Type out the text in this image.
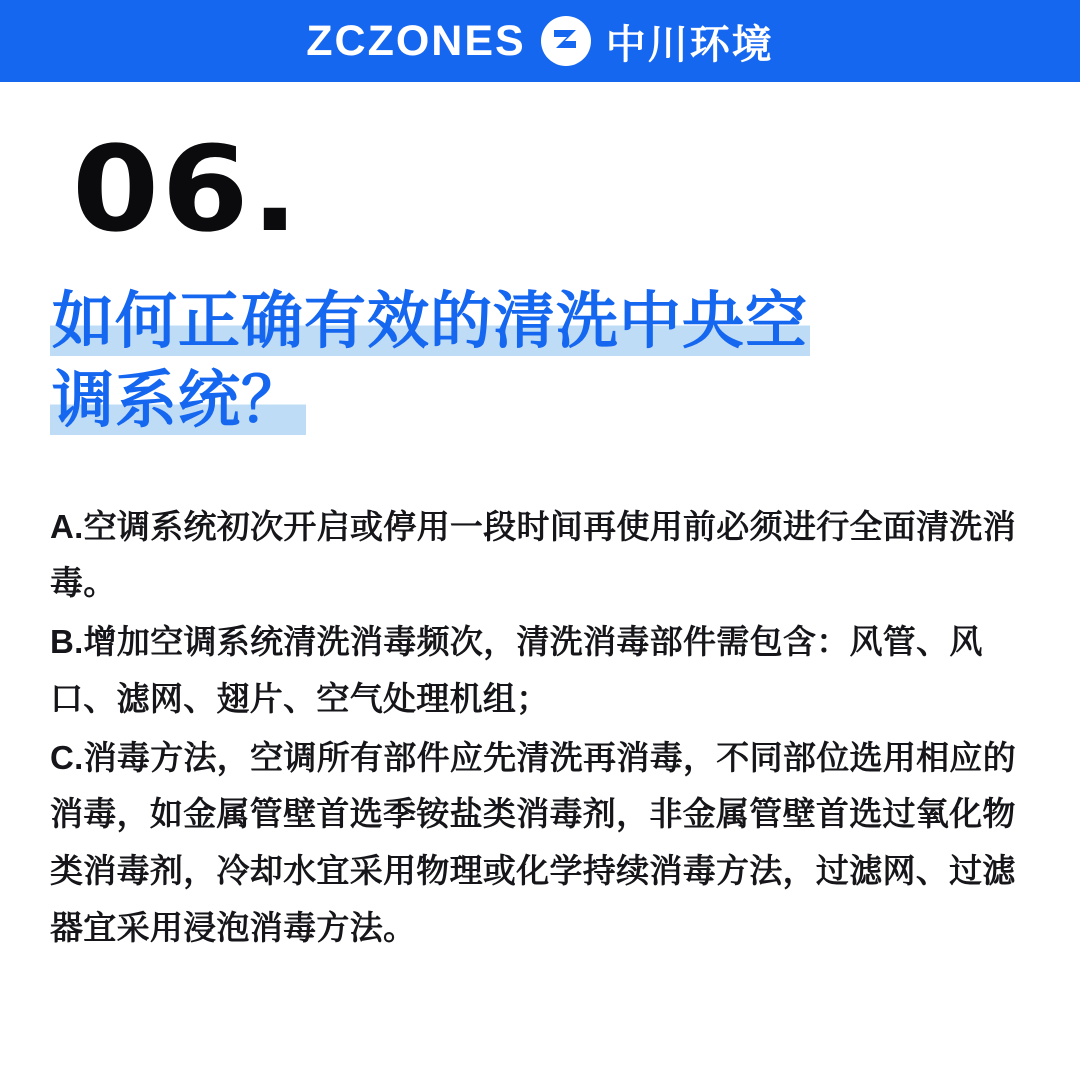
ZCZONES 中川环境
06.
如何正确有效的清洗中央空
调系统？

A.空调系统初次开启或停用一段时间再使用前必须进行全面清洗消毒。

B.增加空调系统清洗消毒频次，清洗消毒部件需包含：风管、风口、滤网、翅片、空气处理机组；

C.消毒方法，空调所有部件应先清洗再消毒，不同部位选用相应的消毒，如金属管壁首选季铵盐类消毒剂，非金属管壁首选过氧化物类消毒剂，冷却水宜采用物理或化学持续消毒方法，过滤网、过滤器宜采用浸泡消毒方法。
